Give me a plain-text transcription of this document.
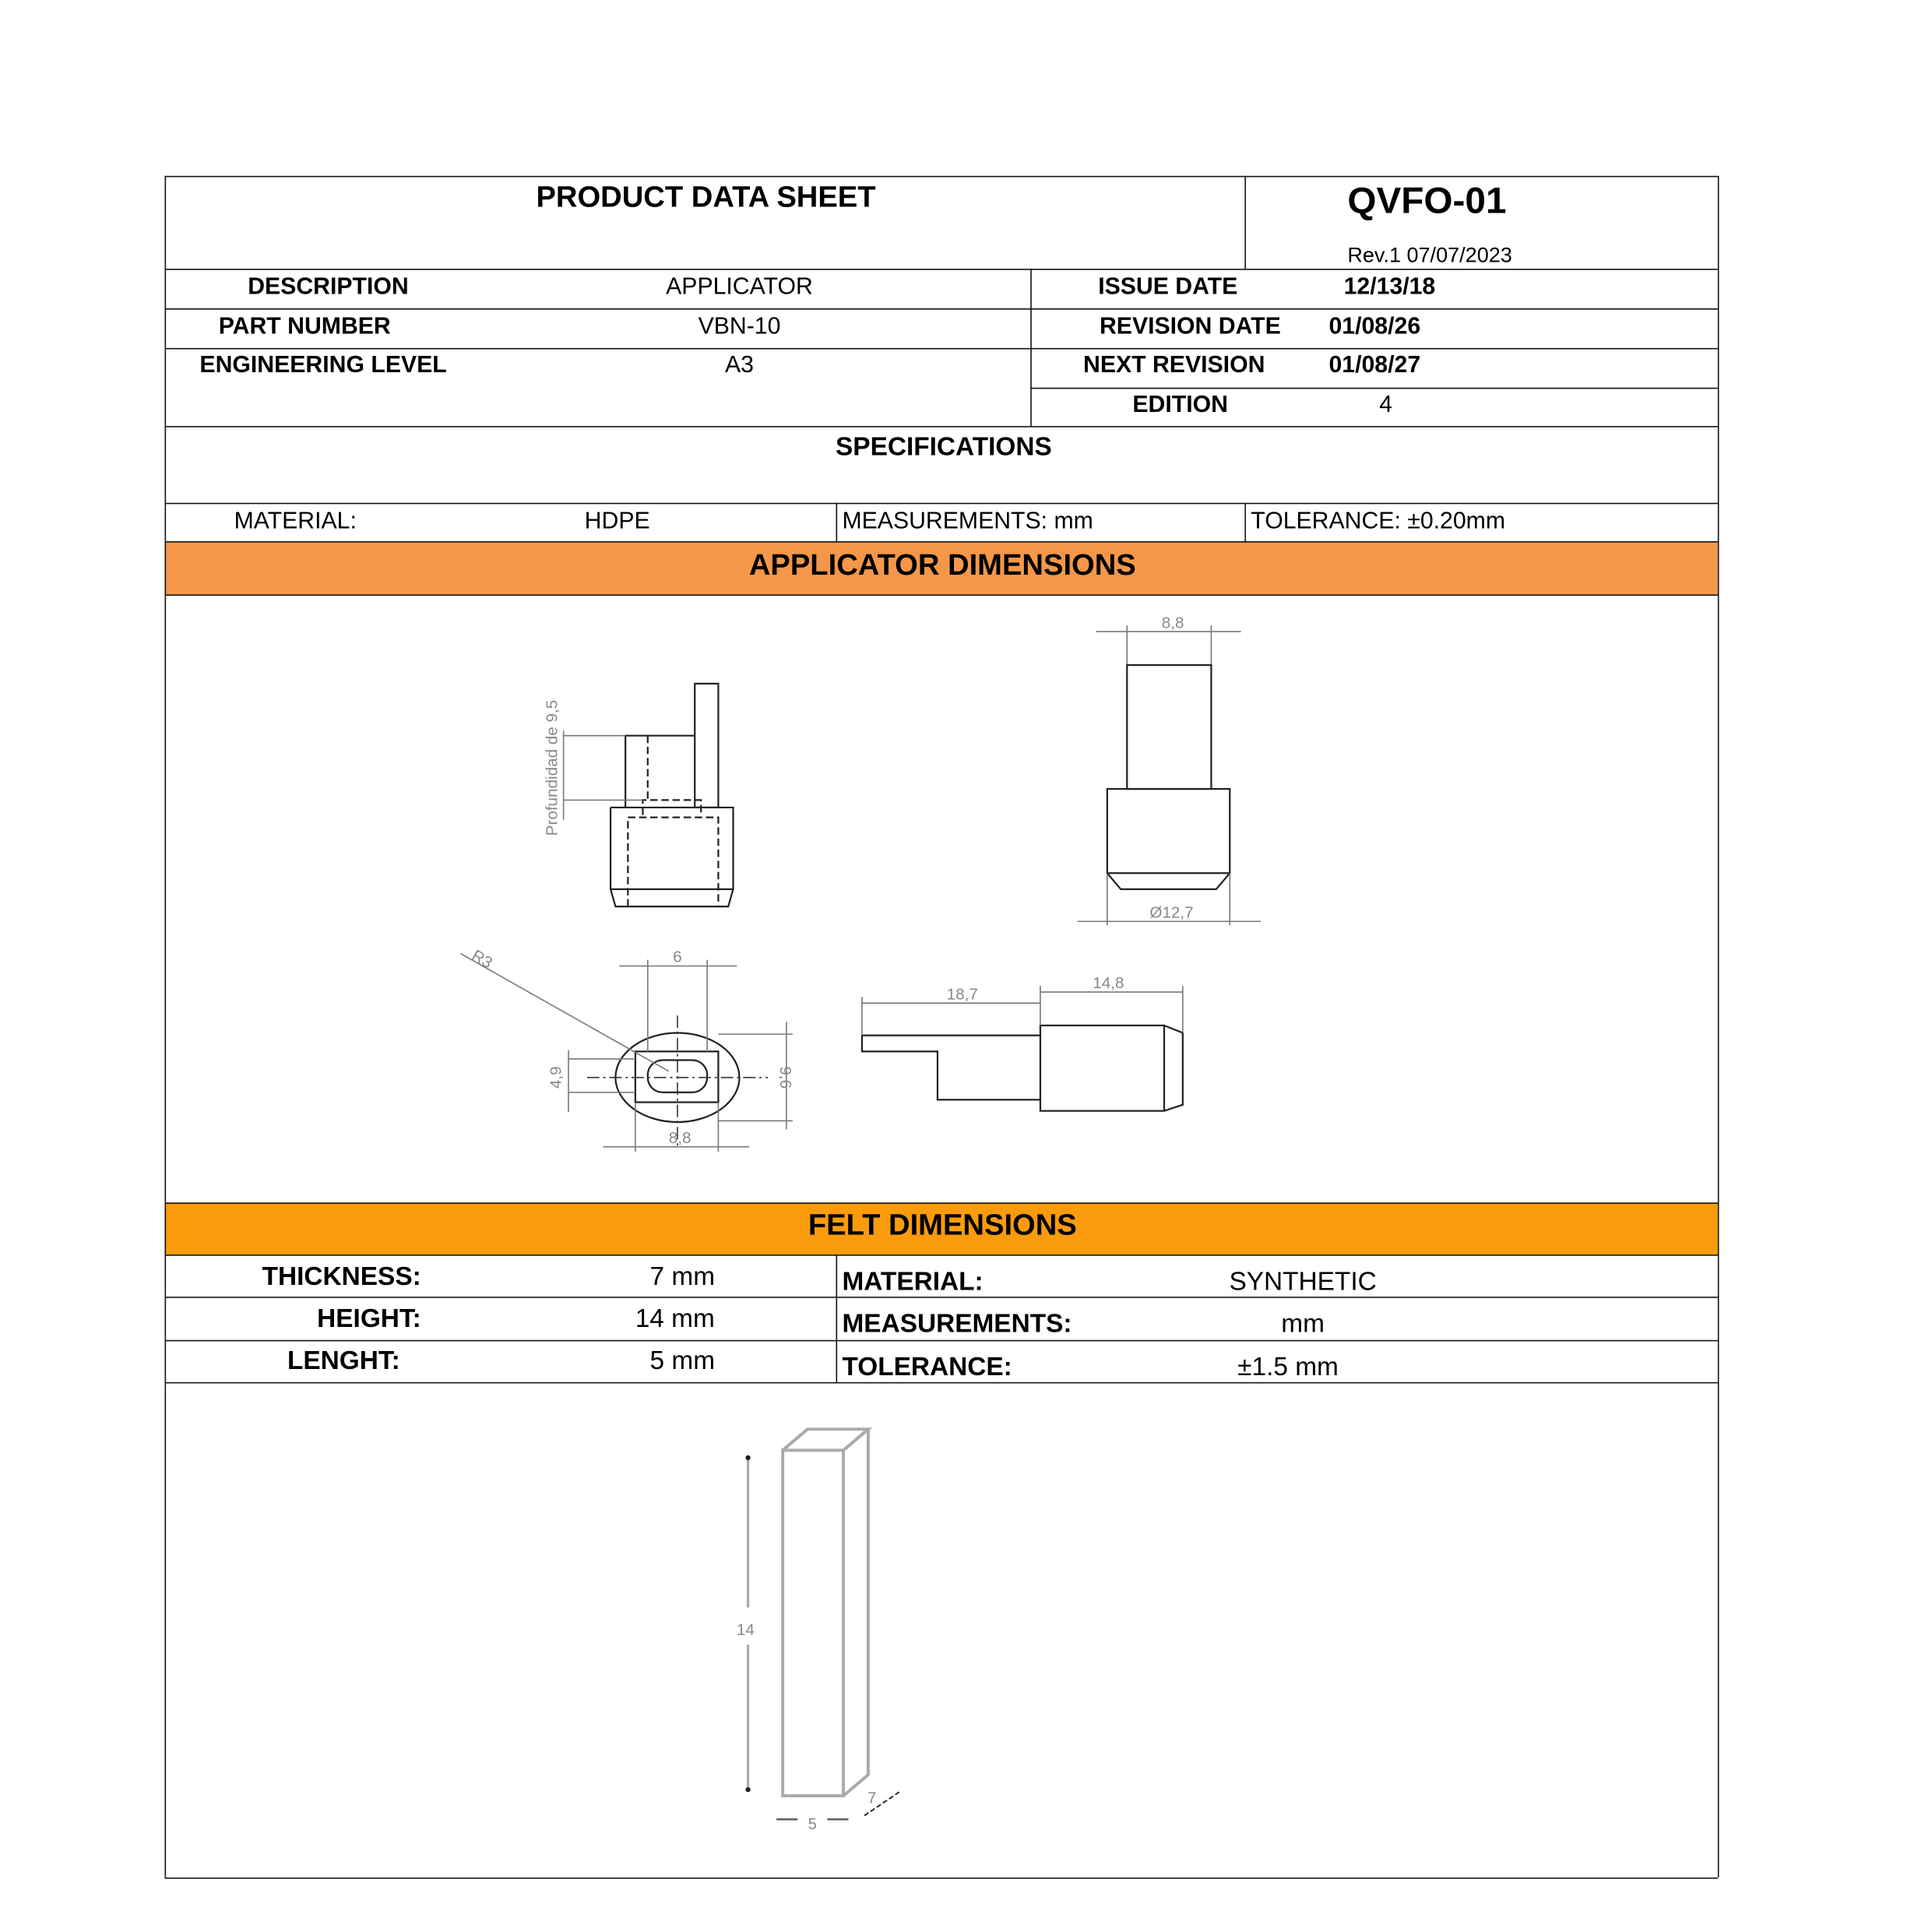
PRODUCT DATA SHEET	QVFO-01
Rev.1 07/07/2023
DESCRIPTION	APPLICATOR
PART NUMBER	VBN-10
ENGINEERING LEVEL	A3
ISSUE DATE	12/13/18
REVISION DATE	01/08/26
NEXT REVISION	01/08/27
EDITION	4
SPECIFICATIONS
MATERIAL:	HDPE	MEASUREMENTS: mm	TOLERANCE: ±0.20mm
APPLICATOR DIMENSIONS
FELT DIMENSIONS
THICKNESS:	7 mm	MATERIAL:	SYNTHETIC
HEIGHT:	14 mm	MEASUREMENTS:	mm
LENGHT:	5 mm	TOLERANCE:	±1.5 mm
Profundidad de 9,5
8,8
Ø12,7
6
8,8
4,9	9,6
R3
18,7
14,8
14
5
7
